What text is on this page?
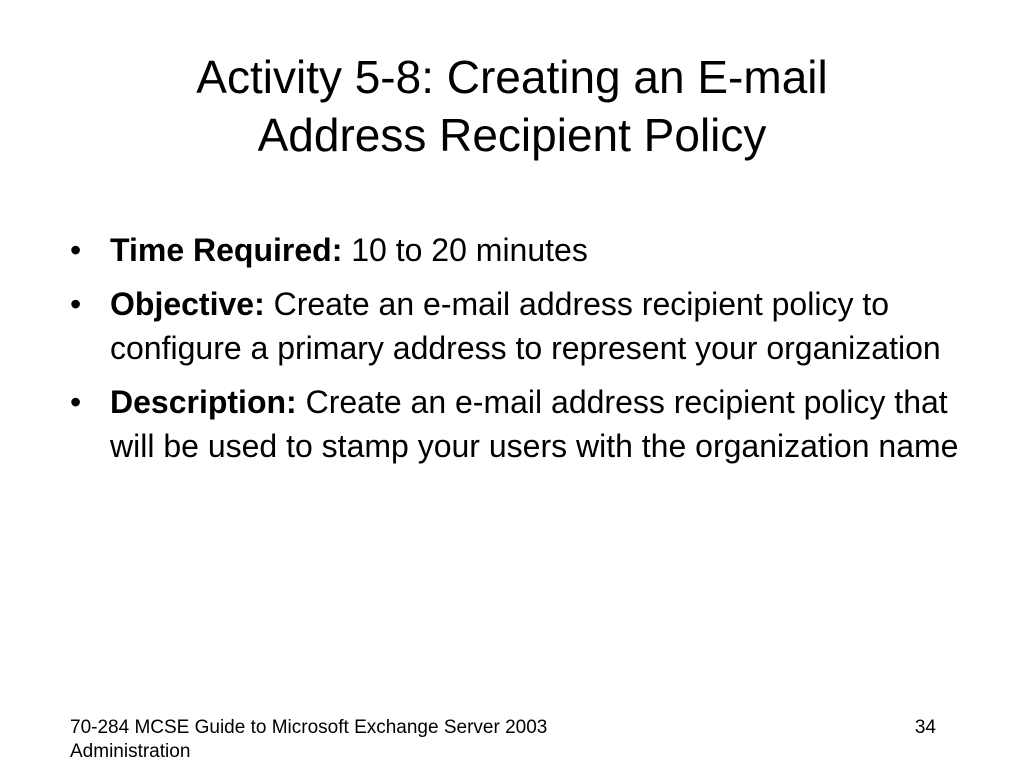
Activity 5-8: Creating an E-mail
Address Recipient Policy
• Time Required: 10 to 20 minutes
• Objective: Create an e-mail address recipient policy to configure a primary address to represent your organization
• Description: Create an e-mail address recipient policy that will be used to stamp your users with the organization name
70-284 MCSE Guide to Microsoft Exchange Server 2003
Administration
34
